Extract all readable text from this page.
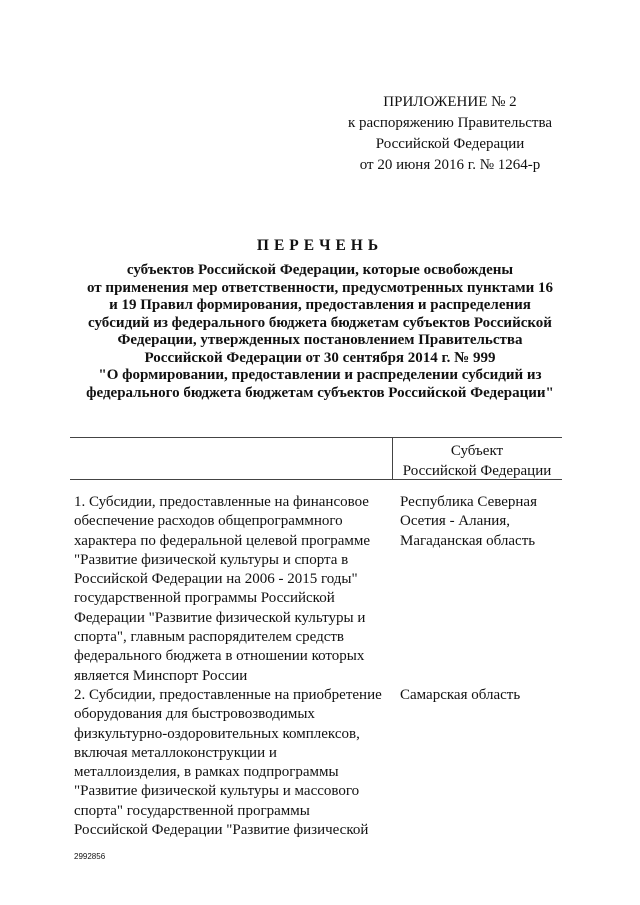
ПРИЛОЖЕНИЕ № 2
к распоряжению Правительства
Российской Федерации
от 20 июня 2016 г. № 1264-р
ПЕРЕЧЕНЬ
субъектов Российской Федерации, которые освобождены
от применения мер ответственности, предусмотренных пунктами 16
и 19 Правил формирования, предоставления и распределения
субсидий из федерального бюджета бюджетам субъектов Российской
Федерации, утвержденных постановлением Правительства
Российской Федерации от 30 сентября 2014 г. № 999
"О формировании, предоставлении и распределении субсидий из
федерального бюджета бюджетам субъектов Российской Федерации"
Субъект
Российской Федерации
1. Субсидии, предоставленные на финансовое
обеспечение расходов общепрограммного
характера по федеральной целевой программе
"Развитие физической культуры и спорта в
Российской Федерации на 2006 - 2015 годы"
государственной программы Российской
Федерации "Развитие физической культуры и
спорта", главным распорядителем средств
федерального бюджета в отношении которых
является Минспорт России
Республика Северная
Осетия - Алания,
Магаданская область
2. Субсидии, предоставленные на приобретение
оборудования для быстровозводимых
физкультурно-оздоровительных комплексов,
включая металлоконструкции и
металлоизделия, в рамках подпрограммы
"Развитие физической культуры и массового
спорта" государственной программы
Российской Федерации "Развитие физической
Самарская область
2992856
